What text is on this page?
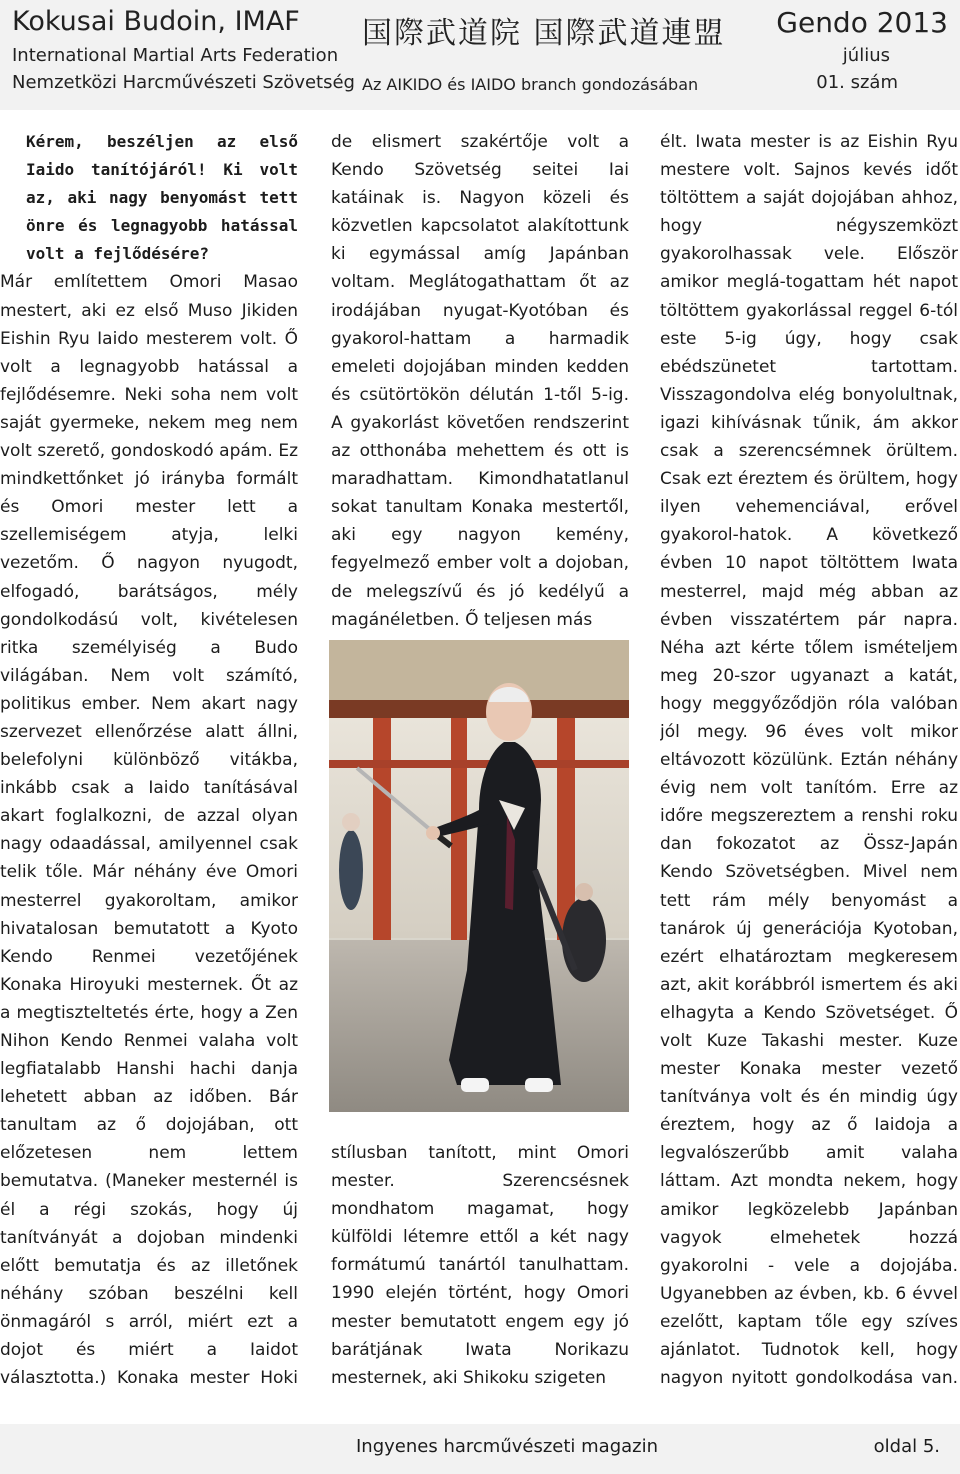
Kokusai Budoin, IMAF
International Martial Arts Federation
Nemzetközi Harcművészeti Szövetség
国際武道院 国際武道連盟
Az AIKIDO és IAIDO branch gondozásában
Gendo 2013
július
01. szám

Kérem, beszéljen az első Iaido tanítójáról! Ki volt az, aki nagy benyomást tett önre és legnagyobb hatással volt a fejlődésére?

Már említettem Omori Masao mestert, aki ez első Muso Jikiden Eishin Ryu Iaido mesterem volt. Ő volt a legnagyobb hatással a fejlődésemre. Neki soha nem volt saját gyermeke, nekem meg nem volt szerető, gondoskodó apám. Ez mindkettőnket jó irányba formált és Omori mester lett a szellemiségem atyja, lelki vezetőm. Ő nagyon nyugodt, elfogadó, barátságos, mély gondolkodású volt, kivételesen ritka személyiség a Budo világában. Nem volt számító, politikus ember. Nem akart nagy szervezet ellenőrzése alatt állni, belefolyni különböző vitákba, inkább csak a Iaido tanításával akart foglalkozni, de azzal olyan nagy odaadással, amilyennel csak telik tőle. Már néhány éve Omori mesterrel gyakoroltam, amikor hivatalosan bemutatott a Kyoto Kendo Renmei vezetőjének Konaka Hiroyuki mesternek. Őt az a megtiszteltetés érte, hogy a Zen Nihon Kendo Renmei valaha volt legfiatalabb Hanshi hachi danja lehetett abban az időben. Bár tanultam az ő dojojában, ott előzetesen nem lettem bemutatva. (Maneker mesternél is él a régi szokás, hogy új tanítványát a dojoban mindenki előtt bemutatja és az illetőnek néhány szóban beszélni kell önmagáról s arról, miért ezt a dojot és miért a Iaidot választotta.) Konaka mester Hoki

de elismert szakértője volt a Kendo Szövetség seitei Iai katáinak is. Nagyon közeli és közvetlen kapcsolatot alakítottunk ki egymással amíg Japánban voltam. Meglátogathattam őt az irodájában nyugat-Kyotóban és gyakorol-hattam a harmadik emeleti dojojában minden kedden és csütörtökön délután 1-től 5-ig. A gyakorlást követően rendszerint az otthonába mehettem és ott is maradhattam. Kimondhatatlanul sokat tanultam Konaka mestertől, aki egy nagyon kemény, fegyelmező ember volt a dojoban, de melegszívű és jó kedélyű a magánéletben. Ő teljesen más

stílusban tanított, mint Omori mester. Szerencsésnek mondhatom magamat, hogy külföldi létemre ettől a két nagy formátumú tanártól tanulhattam. 1990 elején történt, hogy Omori mester bemutatott engem egy jó barátjának Iwata Norikazu mesternek, aki Shikoku szigeten

élt. Iwata mester is az Eishin Ryu mestere volt. Sajnos kevés időt töltöttem a saját dojojában ahhoz, hogy négyszemközt gyakorolhassak vele. Először amikor meglá-togattam hét napot töltöttem gyakorlással reggel 6-tól este 5-ig úgy, hogy csak ebédszünetet tartottam. Visszagondolva elég bonyolultnak, igazi kihívásnak tűnik, ám akkor csak a szerencsémnek örültem. Csak ezt éreztem és örültem, hogy ilyen vehemenciával, erővel gyakorol-hatok. A következő évben 10 napot töltöttem Iwata mesterrel, majd még abban az évben visszatértem pár napra. Néha azt kérte tőlem ismételjem meg 20-szor ugyanazt a katát, hogy meggyőződjön róla valóban jól megy. 96 éves volt mikor eltávozott közülünk. Eztán néhány évig nem volt tanítóm. Erre az időre megszereztem a renshi roku dan fokozatot az Össz-Japán Kendo Szövetségben. Mivel nem tett rám mély benyomást a tanárok új generációja Kyotoban, ezért elhatároztam megkeresem azt, akit korábbról ismertem és aki elhagyta a Kendo Szövetséget. Ő volt Kuze Takashi mester. Kuze mester Konaka mester vezető tanítványa volt és én mindig úgy éreztem, hogy az ő Iaidoja a legvalószerűbb amit valaha láttam. Azt mondta nekem, hogy amikor legközelebb Japánban vagyok elmehetek hozzá gyakorolni - vele a dojojába. Ugyanebben az évben, kb. 6 évvel ezelőtt, kaptam tőle egy szíves ajánlatot. Tudnotok kell, hogy nagyon nyitott gondolkodása van.

Ingyenes harcművészeti magazin	oldal 5.
